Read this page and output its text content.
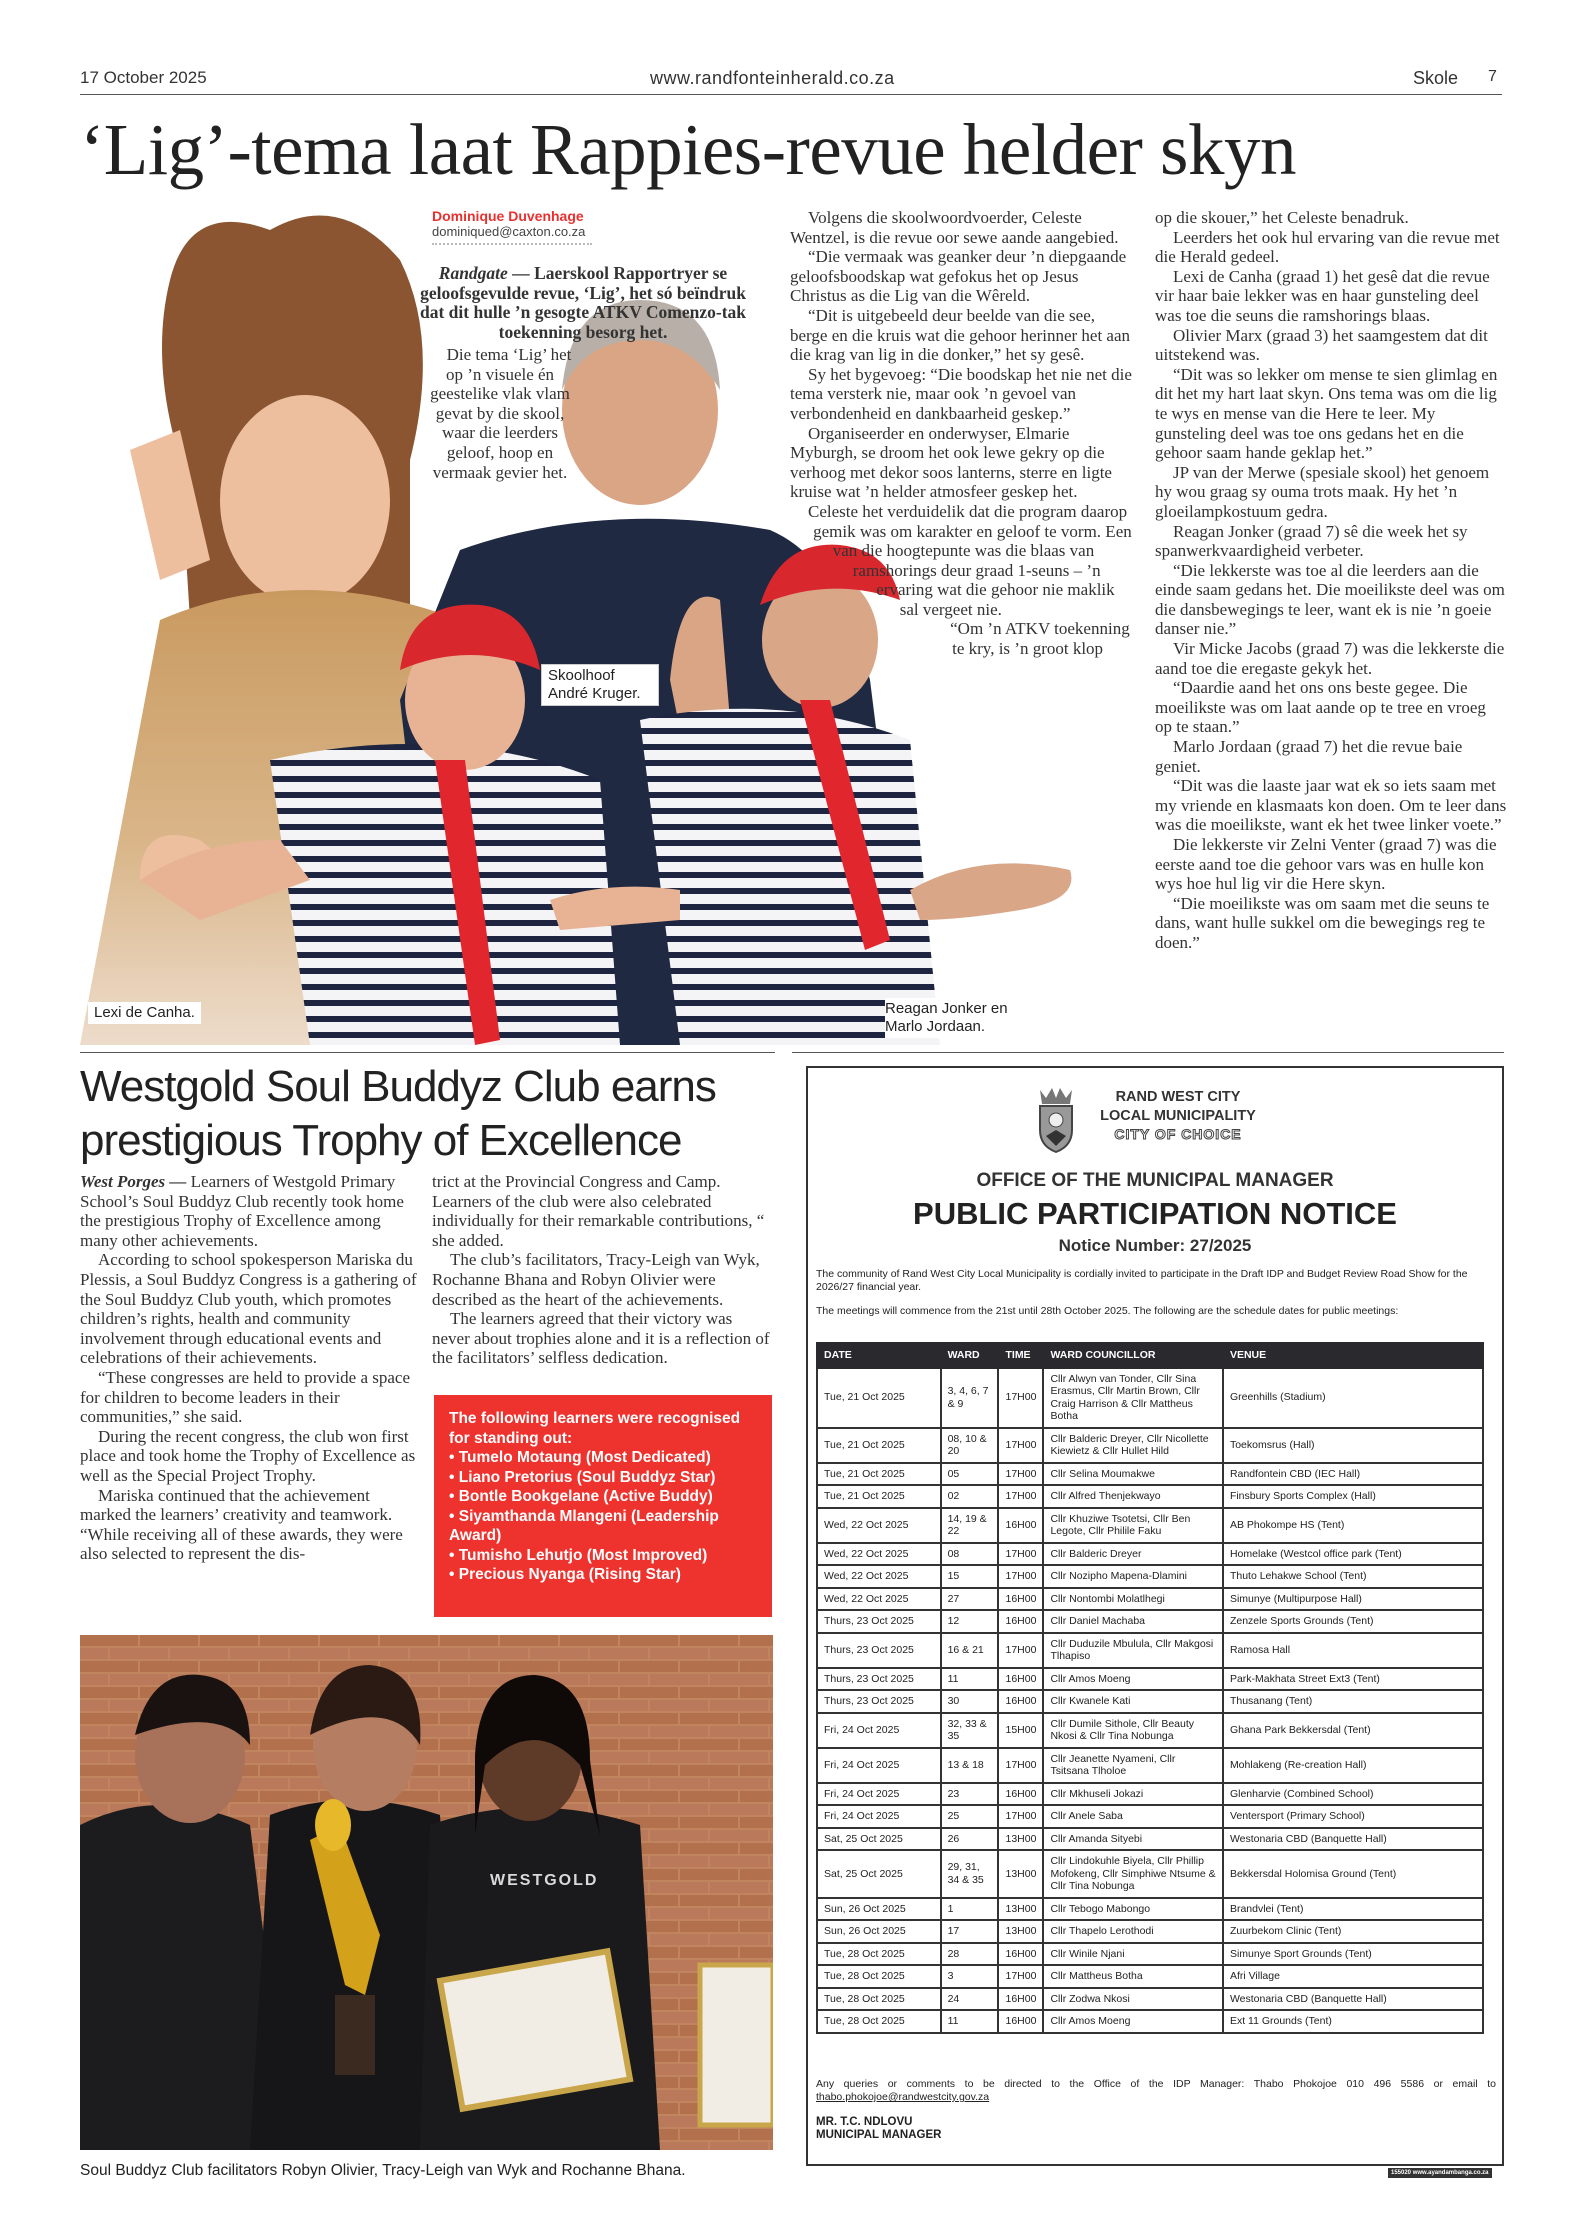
17 October 2025	www.randfonteinherald.co.za	Skole 7
‘Lig’-tema laat Rappies-revue helder skyn
Dominique Duvenhage
dominiqued@caxton.co.za
Randgate — Laerskool Rapportryer se geloofsgevulde revue, ‘Lig’, het só beïndruk dat dit hulle ’n gesogte ATKV Comenzo-tak toekenning besorg het.

Die tema ‘Lig’ het op ’n visuele én geestelike vlak vlam gevat by die skool, waar die leerders geloof, hoop en vermaak gevier het.

Volgens die skoolwoordvoerder, Celeste Wentzel, is die revue oor sewe aande aangebied.

“Die vermaak was geanker deur ’n diepgaande geloofsboodskap wat gefokus het op Jesus Christus as die Lig van die Wêreld.

“Dit is uitgebeeld deur beelde van die see, berge en die kruis wat die gehoor herinner het aan die krag van lig in die donker,” het sy gesê.

Sy het bygevoeg: “Die boodskap het nie net die tema versterk nie, maar ook ’n gevoel van verbondenheid en dankbaarheid geskep.”

Organiseerder en onderwyser, Elmarie Myburgh, se droom het ook lewe gekry op die verhoog met dekor soos lanterns, sterre en ligte kruise wat ’n helder atmosfeer geskep het.

Celeste het verduidelik dat die program daarop gemik was om karakter en geloof te vorm. Een van die hoogtepunte was die blaas van ramshorings deur graad 1-seuns – ’n ervaring wat die gehoor nie maklik sal vergeet nie.

“Om ’n ATKV toekenning te kry, is ’n groot klop

op die skouer,” het Celeste benadruk.

Leerders het ook hul ervaring van die revue met die Herald gedeel.

Lexi de Canha (graad 1) het gesê dat die revue vir haar baie lekker was en haar gunsteling deel was toe die seuns die ramshorings blaas.

Olivier Marx (graad 3) het saamgestem dat dit uitstekend was.

“Dit was so lekker om mense te sien glimlag en dit het my hart laat skyn. Ons tema was om die lig te wys en mense van die Here te leer. My gunsteling deel was toe ons gedans het en die gehoor saam hande geklap het.”

JP van der Merwe (spesiale skool) het genoem hy wou graag sy ouma trots maak. Hy het ’n gloeilampkostuum gedra.

Reagan Jonker (graad 7) sê die week het sy spanwerkvaardigheid verbeter.

“Die lekkerste was toe al die leerders aan die einde saam gedans het. Die moeilikste deel was om die dansbewegings te leer, want ek is nie ’n goeie danser nie.”

Vir Micke Jacobs (graad 7) was die lekkerste die aand toe die eregaste gekyk het.

“Daardie aand het ons ons beste gegee. Die moeilikste was om laat aande op te tree en vroeg op te staan.”

Marlo Jordaan (graad 7) het die revue baie geniet.

“Dit was die laaste jaar wat ek so iets saam met my vriende en klasmaats kon doen. Om te leer dans was die moeilikste, want ek het twee linker voete.”

Die lekkerste vir Zelni Venter (graad 7) was die eerste aand toe die gehoor vars was en hulle kon wys hoe hul lig vir die Here skyn.

“Die moeilikste was om saam met die seuns te dans, want hulle sukkel om die bewegings reg te doen.”

Lexi de Canha.
Skoolhoof André Kruger.
Reagan Jonker en Marlo Jordaan.
Westgold Soul Buddyz Club earns prestigious Trophy of Excellence

West Porges — Learners of Westgold Primary School’s Soul Buddyz Club recently took home the prestigious Trophy of Excellence among many other achievements.

According to school spokesperson Mariska du Plessis, a Soul Buddyz Congress is a gathering of the Soul Buddyz Club youth, which promotes children’s rights, health and community involvement through educational events and celebrations of their achievements.

“These congresses are held to provide a space for children to become leaders in their communities,” she said.

During the recent congress, the club won first place and took home the Trophy of Excellence as well as the Special Project Trophy.

Mariska continued that the achievement marked the learners’ creativity and teamwork. “While receiving all of these awards, they were also selected to represent the dis-

trict at the Provincial Congress and Camp. Learners of the club were also celebrated individually for their remarkable contributions, “ she added.

The club’s facilitators, Tracy-Leigh van Wyk, Rochanne Bhana and Robyn Olivier were described as the heart of the achievements.

The learners agreed that their victory was never about trophies alone and it is a reflection of the facilitators’ selfless dedication.

The following learners were recognised for standing out:
• Tumelo Motaung (Most Dedicated)
• Liano Pretorius (Soul Buddyz Star)
• Bontle Bookgelane (Active Buddy)
• Siyamthanda Mlangeni (Leadership Award)
• Tumisho Lehutjo (Most Improved)
• Precious Nyanga (Rising Star)
WESTGOLD
Soul Buddyz Club facilitators Robyn Olivier, Tracy-Leigh van Wyk and Rochanne Bhana.
RAND WEST CITY
LOCAL MUNICIPALITY
CITY OF CHOICE
OFFICE OF THE MUNICIPAL MANAGER
PUBLIC PARTICIPATION NOTICE
Notice Number: 27/2025
The community of Rand West City Local Municipality is cordially invited to participate in the Draft IDP and Budget Review Road Show for the 2026/27 financial year.
The meetings will commence from the 21st until 28th October 2025. The following are the schedule dates for public meetings:
DATE	WARD	TIME	WARD COUNCILLOR	VENUE
Tue, 21 Oct 2025	3, 4, 6, 7 & 9	17H00	Cllr Alwyn van Tonder, Cllr Sina Erasmus, Cllr Martin Brown, Cllr Craig Harrison & Cllr Mattheus Botha	Greenhills (Stadium)
Tue, 21 Oct 2025	08, 10 & 20	17H00	Cllr Balderic Dreyer, Cllr Nicollette Kiewietz & Cllr Hullet Hild	Toekomsrus (Hall)
Tue, 21 Oct 2025	05	17H00	Cllr Selina Moumakwe	Randfontein CBD (IEC Hall)
Tue, 21 Oct 2025	02	17H00	Cllr Alfred Thenjekwayo	Finsbury Sports Complex (Hall)
Wed, 22 Oct 2025	14, 19 & 22	16H00	Cllr Khuziwe Tsotetsi, Cllr Ben Legote, Cllr Philile Faku	AB Phokompe HS (Tent)
Wed, 22 Oct 2025	08	17H00	Cllr Balderic Dreyer	Homelake (Westcol office park (Tent)
Wed, 22 Oct 2025	15	17H00	Cllr Nozipho Mapena-Dlamini	Thuto Lehakwe School (Tent)
Wed, 22 Oct 2025	27	16H00	Cllr Nontombi Molatlhegi	Simunye (Multipurpose Hall)
Thurs, 23 Oct 2025	12	16H00	Cllr Daniel Machaba	Zenzele Sports Grounds (Tent)
Thurs, 23 Oct 2025	16 & 21	17H00	Cllr Duduzile Mbulula, Cllr Makgosi Tlhapiso	Ramosa Hall
Thurs, 23 Oct 2025	11	16H00	Cllr Amos Moeng	Park-Makhata Street Ext3 (Tent)
Thurs, 23 Oct 2025	30	16H00	Cllr Kwanele Kati	Thusanang (Tent)
Fri, 24 Oct 2025	32, 33 & 35	15H00	Cllr Dumile Sithole, Cllr Beauty Nkosi & Cllr Tina Nobunga	Ghana Park Bekkersdal (Tent)
Fri, 24 Oct 2025	13 & 18	17H00	Cllr Jeanette Nyameni, Cllr Tsitsana Tlholoe	Mohlakeng (Re-creation Hall)
Fri, 24 Oct 2025	23	16H00	Cllr Mkhuseli Jokazi	Glenharvie (Combined School)
Fri, 24 Oct 2025	25	17H00	Cllr Anele Saba	Ventersport (Primary School)
Sat, 25 Oct 2025	26	13H00	Cllr Amanda Sityebi	Westonaria CBD (Banquette Hall)
Sat, 25 Oct 2025	29, 31, 34 & 35	13H00	Cllr Lindokuhle Biyela, Cllr Phillip Mofokeng, Cllr Simphiwe Ntsume & Cllr Tina Nobunga	Bekkersdal Holomisa Ground (Tent)
Sun, 26 Oct 2025	1	13H00	Cllr Tebogo Mabongo	Brandvlei (Tent)
Sun, 26 Oct 2025	17	13H00	Cllr Thapelo Lerothodi	Zuurbekom Clinic (Tent)
Tue, 28 Oct 2025	28	16H00	Cllr Winile Njani	Simunye Sport Grounds (Tent)
Tue, 28 Oct 2025	3	17H00	Cllr Mattheus Botha	Afri Village
Tue, 28 Oct 2025	24	16H00	Cllr Zodwa Nkosi	Westonaria CBD (Banquette Hall)
Tue, 28 Oct 2025	11	16H00	Cllr Amos Moeng	Ext 11 Grounds (Tent)
Any queries or comments to be directed to the Office of the IDP Manager: Thabo Phokojoe 010 496 5586 or email to thabo.phokojoe@randwestcity.gov.za
MR. T.C. NDLOVU
MUNICIPAL MANAGER
155020 www.ayandambanga.co.za
